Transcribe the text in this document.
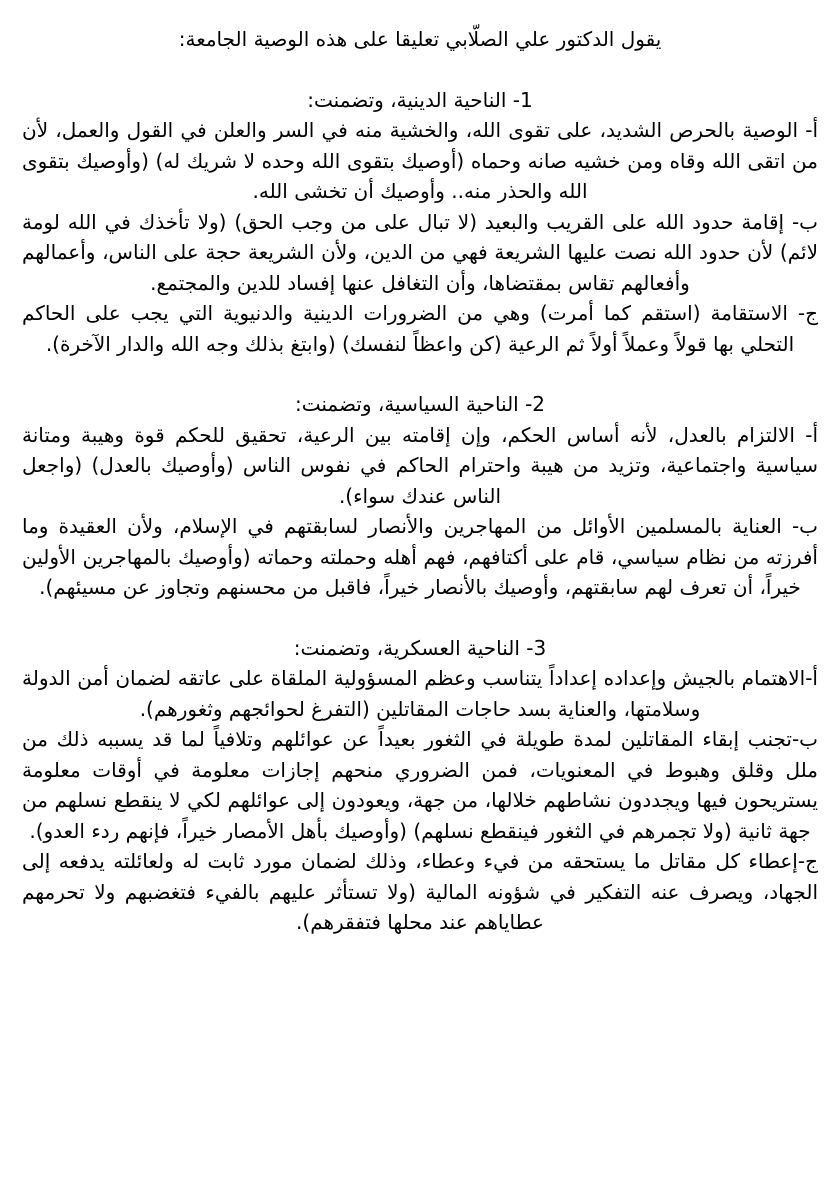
يقول الدكتور علي الصلّابي تعليقا على هذه الوصية الجامعة:

1- الناحية الدينية، وتضمنت:

أ- الوصية بالحرص الشديد، على تقوى الله، والخشية منه في السر والعلن في القول والعمل، لأن من اتقى الله وقاه ومن خشيه صانه وحماه (أوصيك بتقوى الله وحده لا شريك له) (وأوصيك بتقوى الله والحذر منه.. وأوصيك أن تخشى الله.

ب- إقامة حدود الله على القريب والبعيد (لا تبال على من وجب الحق) (ولا تأخذك في الله لومة لائم) لأن حدود الله نصت عليها الشريعة فهي من الدين، ولأن الشريعة حجة على الناس، وأعمالهم وأفعالهم تقاس بمقتضاها، وأن التغافل عنها إفساد للدين والمجتمع.

ج- الاستقامة (استقم كما أمرت) وهي من الضرورات الدينية والدنيوية التي يجب على الحاكم التحلي بها قولاً وعملاً أولاً ثم الرعية (كن واعظاً لنفسك) (وابتغ بذلك وجه الله والدار الآخرة).

2- الناحية السياسية، وتضمنت:

أ- الالتزام بالعدل، لأنه أساس الحكم، وإن إقامته بين الرعية، تحقيق للحكم قوة وهيبة ومتانة سياسية واجتماعية، وتزيد من هيبة واحترام الحاكم في نفوس الناس (وأوصيك بالعدل) (واجعل الناس عندك سواء).

ب- العناية بالمسلمين الأوائل من المهاجرين والأنصار لسابقتهم في الإسلام، ولأن العقيدة وما أفرزته من نظام سياسي، قام على أكتافهم، فهم أهله وحملته وحماته (وأوصيك بالمهاجرين الأولين خيراً، أن تعرف لهم سابقتهم، وأوصيك بالأنصار خيراً، فاقبل من محسنهم وتجاوز عن مسيئهم).

3- الناحية العسكرية، وتضمنت:

أ-الاهتمام بالجيش وإعداده إعداداً يتناسب وعظم المسؤولية الملقاة على عاتقه لضمان أمن الدولة وسلامتها، والعناية بسد حاجات المقاتلين (التفرغ لحوائجهم وثغورهم).

ب-تجنب إبقاء المقاتلين لمدة طويلة في الثغور بعيداً عن عوائلهم وتلافياً لما قد يسببه ذلك من ملل وقلق وهبوط في المعنويات، فمن الضروري منحهم إجازات معلومة في أوقات معلومة يستريحون فيها ويجددون نشاطهم خلالها، من جهة، ويعودون إلى عوائلهم لكي لا ينقطع نسلهم من جهة ثانية (ولا تجمرهم في الثغور فينقطع نسلهم) (وأوصيك بأهل الأمصار خيراً، فإنهم ردء العدو).

ج-إعطاء كل مقاتل ما يستحقه من فيء وعطاء، وذلك لضمان مورد ثابت له ولعائلته يدفعه إلى الجهاد، ويصرف عنه التفكير في شؤونه المالية (ولا تستأثر عليهم بالفيء فتغضبهم ولا تحرمهم عطاياهم عند محلها فتفقرهم).
